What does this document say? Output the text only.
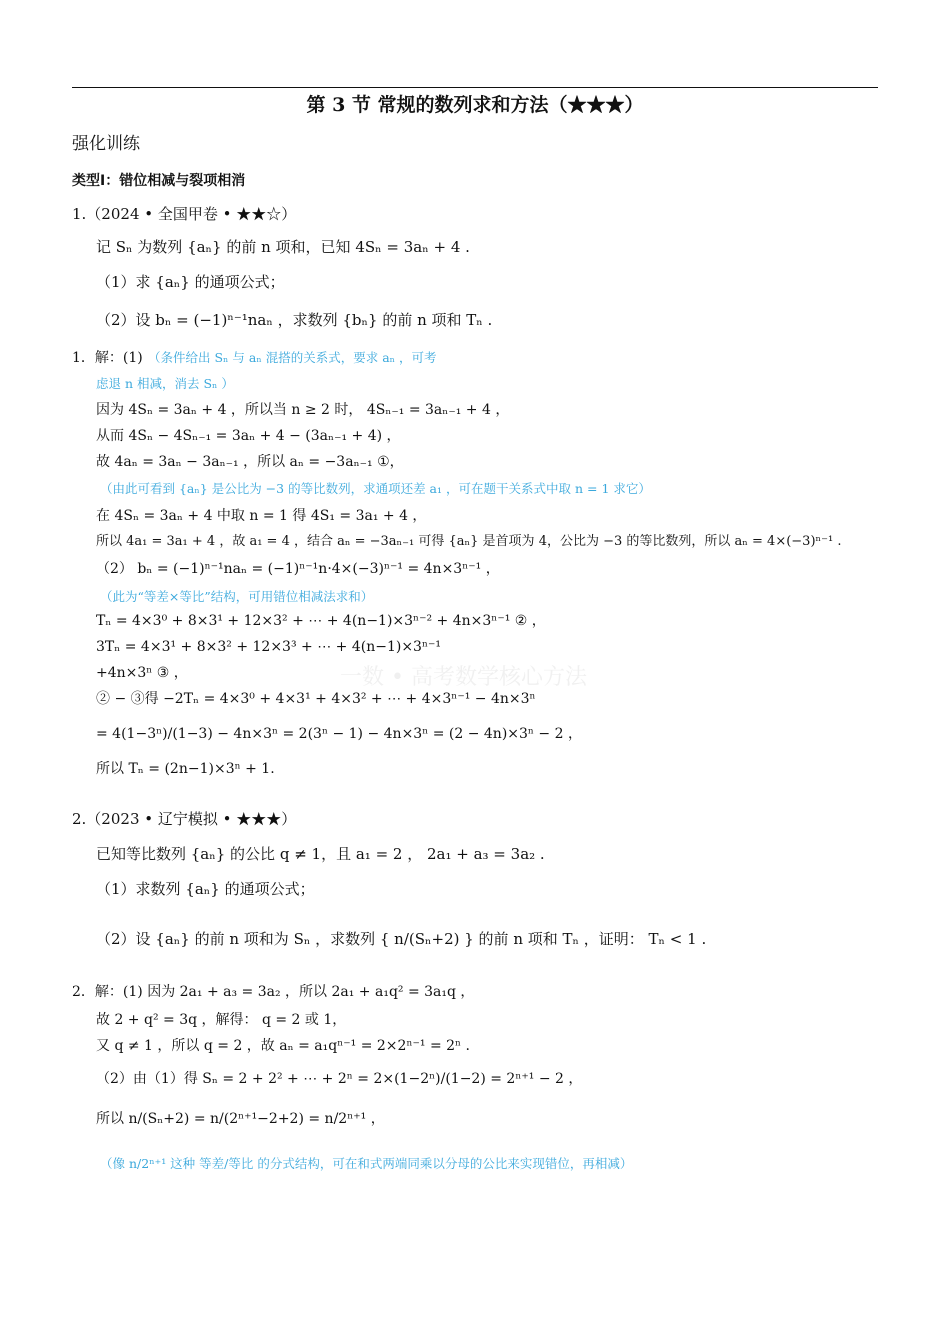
第 3 节 常规的数列求和方法（★★★）
强化训练
类型Ⅰ：错位相减与裂项相消
1.（2024 • 全国甲卷 • ★★☆）
记 Sₙ 为数列 {aₙ} 的前 n 项和，已知 4Sₙ = 3aₙ + 4 .
（1）求 {aₙ} 的通项公式；
（2）设 bₙ = (−1)ⁿ⁻¹naₙ ，求数列 {bₙ} 的前 n 项和 Tₙ .
1．解：(1) （条件给出 Sₙ 与 aₙ 混搭的关系式，要求 aₙ ，可考
虑退 n 相减，消去 Sₙ ）
因为 4Sₙ = 3aₙ + 4 ，所以当 n ≥ 2 时， 4Sₙ₋₁ = 3aₙ₋₁ + 4 ，
从而 4Sₙ − 4Sₙ₋₁ = 3aₙ + 4 − (3aₙ₋₁ + 4) ，
故 4aₙ = 3aₙ − 3aₙ₋₁ ，所以 aₙ = −3aₙ₋₁ ①，
（由此可看到 {aₙ} 是公比为 −3 的等比数列，求通项还差 a₁ ，可在题干关系式中取 n = 1 求它）
在 4Sₙ = 3aₙ + 4 中取 n = 1 得 4S₁ = 3a₁ + 4 ，
所以 4a₁ = 3a₁ + 4 ，故 a₁ = 4 ，结合 aₙ = −3aₙ₋₁ 可得 {aₙ} 是首项为 4，公比为 −3 的等比数列，所以 aₙ = 4×(−3)ⁿ⁻¹ .
（2） bₙ = (−1)ⁿ⁻¹naₙ = (−1)ⁿ⁻¹n·4×(−3)ⁿ⁻¹ = 4n×3ⁿ⁻¹ ，
（此为“等差×等比”结构，可用错位相减法求和）
Tₙ = 4×3⁰ + 8×3¹ + 12×3² + ⋯ + 4(n−1)×3ⁿ⁻² + 4n×3ⁿ⁻¹ ② ，
3Tₙ = 4×3¹ + 8×3² + 12×3³ + ⋯ + 4(n−1)×3ⁿ⁻¹
+4n×3ⁿ ③ ，
② − ③得 −2Tₙ = 4×3⁰ + 4×3¹ + 4×3² + ⋯ + 4×3ⁿ⁻¹ − 4n×3ⁿ
= 4(1−3ⁿ)/(1−3) − 4n×3ⁿ = 2(3ⁿ − 1) − 4n×3ⁿ = (2 − 4n)×3ⁿ − 2 ，
所以 Tₙ = (2n−1)×3ⁿ + 1.
一数 • 高考数学核心方法
2.（2023 • 辽宁模拟 • ★★★）
已知等比数列 {aₙ} 的公比 q ≠ 1，且 a₁ = 2 ， 2a₁ + a₃ = 3a₂ .
（1）求数列 {aₙ} 的通项公式；
（2）设 {aₙ} 的前 n 项和为 Sₙ ，求数列 { n/(Sₙ+2) } 的前 n 项和 Tₙ ，证明： Tₙ < 1 .
2．解：(1) 因为 2a₁ + a₃ = 3a₂ ，所以 2a₁ + a₁q² = 3a₁q ，
故 2 + q² = 3q ，解得： q = 2 或 1，
又 q ≠ 1 ，所以 q = 2 ，故 aₙ = a₁qⁿ⁻¹ = 2×2ⁿ⁻¹ = 2ⁿ .
（2）由（1）得 Sₙ = 2 + 2² + ⋯ + 2ⁿ = 2×(1−2ⁿ)/(1−2) = 2ⁿ⁺¹ − 2 ，
所以 n/(Sₙ+2) = n/(2ⁿ⁺¹−2+2) = n/2ⁿ⁺¹ ，
（像 n/2ⁿ⁺¹ 这种 等差/等比 的分式结构，可在和式两端同乘以分母的公比来实现错位，再相减）
